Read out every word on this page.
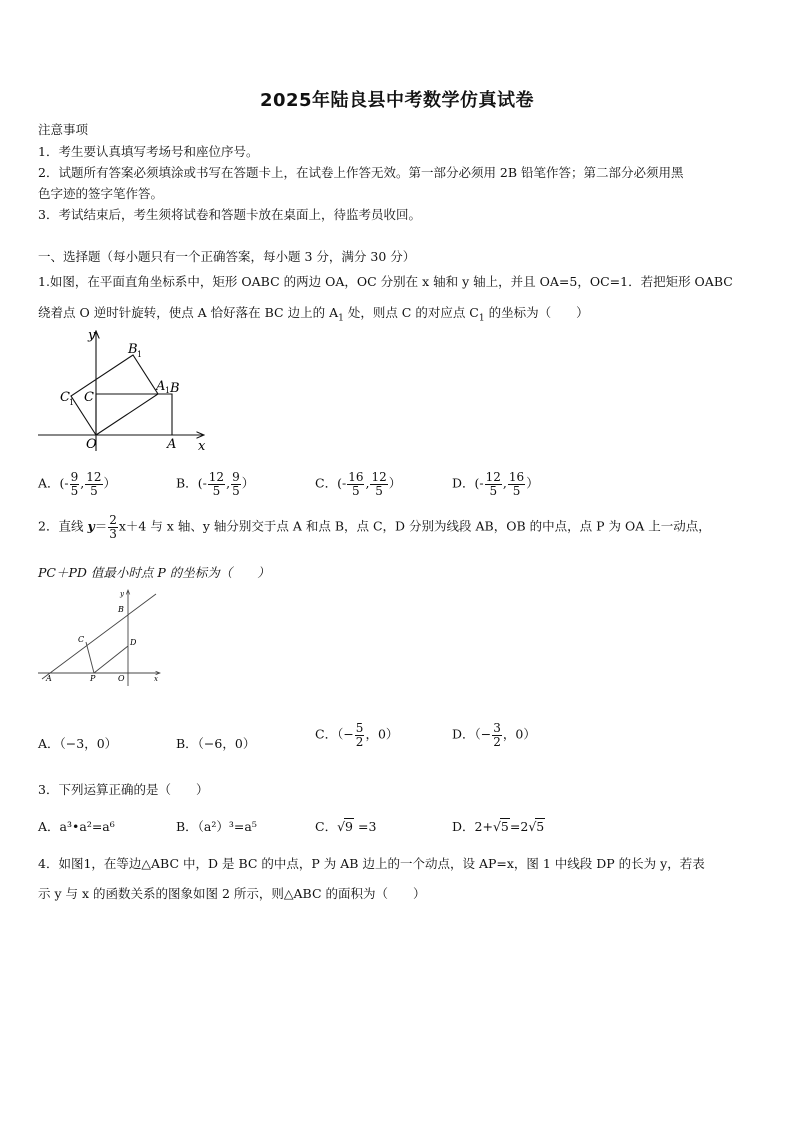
2025年陆良县中考数学仿真试卷
注意事项
1．考生要认真填写考场号和座位序号。
2．试题所有答案必须填涂或书写在答题卡上，在试卷上作答无效。第一部分必须用 2B 铅笔作答；第二部分必须用黑
色字迹的签字笔作答。
3．考试结束后，考生须将试卷和答题卡放在桌面上，待监考员收回。
一、选择题（每小题只有一个正确答案，每小题 3 分，满分 30 分）
1.如图，在平面直角坐标系中，矩形 OABC 的两边 OA，OC 分别在 x 轴和 y 轴上，并且 OA=5，OC=1．若把矩形 OABC
绕着点 O 逆时针旋转，使点 A 恰好落在 BC 边上的 $A_1$ 处，则点 C 的对应点 $C_1$ 的坐标为（　　）
y
x
O	A
C
B
A 1
B 1
C 1
A．(- $\frac{9}{5}$ , $\frac{12}{5}$ ）	B．(- $\frac{12}{5}$ , $\frac{9}{5}$ ）	C．(- $\frac{16}{5}$ , $\frac{12}{5}$ ）	D．(- $\frac{12}{5}$ , $\frac{16}{5}$ ）
2．直线 $y= \frac{2}{3} x+4$ 与 x 轴、y 轴分别交于点 A 和点 B，点 C，D 分别为线段 AB，OB 的中点，点 P 为 OA 上一动点，
PC＋PD 值最小时点 P 的坐标为（　　）
y
x
B
C	D
A	P	O
A．（−3，0）	B．（−6，0）
C．（− $\frac{5}{2}$ ，0）	D．（− $\frac{3}{2}$ ，0）
3．下列运算正确的是（　　）
A．a³•a²=a⁶	B．（a²）³=a⁵	C．√9 =3	D．2+√5=2√5
4．如图1，在等边△ABC 中，D 是 BC 的中点，P 为 AB 边上的一个动点，设 AP=x，图 1 中线段 DP 的长为 y，若表
示 y 与 x 的函数关系的图象如图 2 所示，则△ABC 的面积为（　　）
